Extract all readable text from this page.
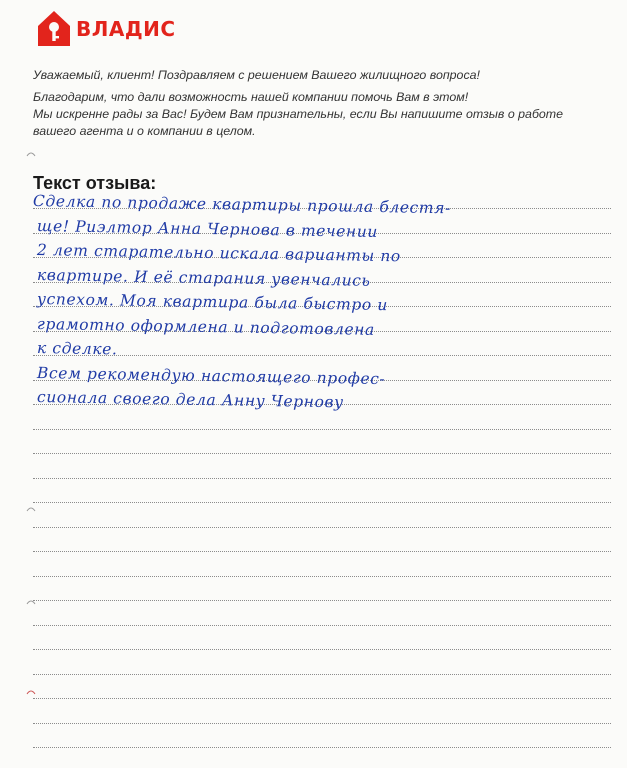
ВЛАДИС
Уважаемый, клиент! Поздравляем с решением Вашего жилищного вопроса!
Благодарим, что дали возможность нашей компании помочь Вам в этом!
Мы искренне рады за Вас! Будем Вам признательны, если Вы напишите отзыв о работе
вашего агента и о компании в целом.
Текст отзыва:
Сделка по продаже квартиры прошла блестя-
ще! Риэлтор Анна Чернова в течении
2 лет старательно искала варианты по
квартире. И её старания увенчались
успехом. Моя квартира была быстро и
грамотно оформлена и подготовлена
к сделке.
Всем рекомендую настоящего профес-
сионала своего дела Анну Чернову
